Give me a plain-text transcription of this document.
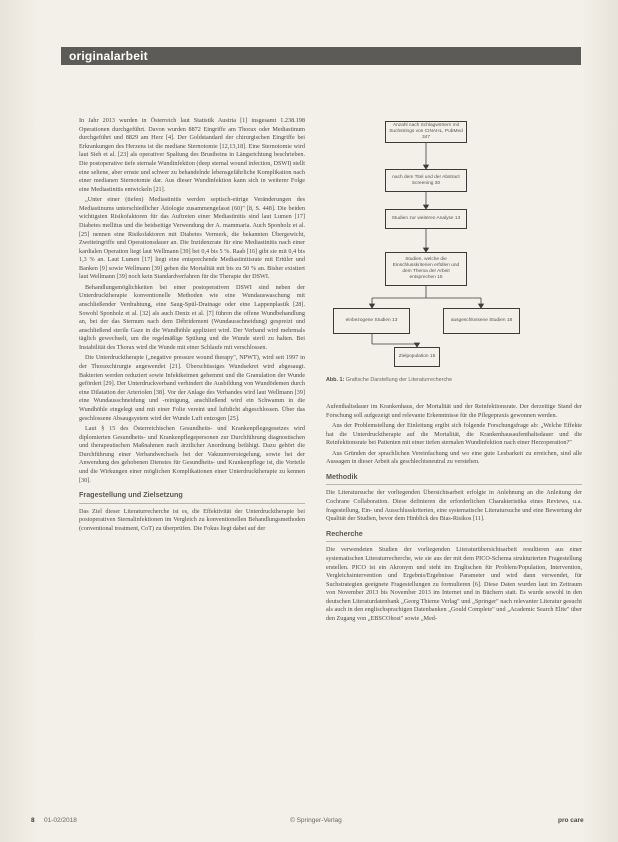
originalarbeit

In Jahr 2013 wurden in Österreich laut Statistik Austria [1] insgesamt 1.238.198 Operationen durchgeführt. Davon wurden 8872 Eingriffe am Thorax oder Mediastinum durchgeführt und 8829 am Herz [4]. Der Goldstandard der chirurgischen Eingriffe bei Erkrankungen des Herzens ist die mediane Sternotomie [12,13,18]. Eine Sternotomie wird laut Sieh et al. [23] als operativer Spaltung des Brustbeins in Längsrichtung beschrieben. Die postoperative tiefe sternale Wundinfektion (deep sternal wound infection, DSWI) stellt eine seltene, aber ernste und schwer zu behandelnde lebensgefährliche Komplikation nach einer medianen Sternotomie dar. Aus dieser Wundinfektion kann sich in weiterer Folge eine Mediastinitis entwickeln [21].

„Unter einer (tiefen) Mediastinitis werden septisch-eitrige Veränderungen des Mediastinums unterschiedlicher Ätiologie zusammengefasst (60)" [8, S. 448]. Die beiden wichtigsten Risikofaktoren für das Auftreten einer Mediastinitis sind laut Lumen [17] Diabetes mellitus und die beidseitige Verwendung der A. mammaria. Auch Sponholz et al. [25] nennen eine Risikofaktoren mit Diabetes Vermerk, die bekannten Übergewicht, Zweiteingriffe und Operationsdauer an. Die Inzidenzrate für eine Mediastinitis nach einer kardialen Operation liegt laut Wellmann [39] bei 0,4 bis 5 %. Raab [16] gibt sie mit 0,4 bis 1,3 % an. Laut Lumen [17] liegt eine entsprechende Mediastinitisrate mit Ertüler und Banken [9] sowie Wellmann [39] geben die Mortalität mit bis zu 50 % an. Bisher existiert laut Wellmann [39] noch kein Standardverfahren für die Therapie der DSWI.

Behandlungsmöglichkeiten bei einer postoperativen DSWI sind neben der Unterdrucktherapie konventionelle Methoden wie eine Wundauswaschung mit anschließender Verdrahtung, eine Saug-Spül-Drainage oder eine Lappenplastik [28]. Sowohl Sponholz et al. [32] als auch Deniz et al. [7] führen die offene Wundbehandlung an, bei der das Sternum nach dem Débridement (Wundausschneidung) gespreizt und anschließend sterile Gaze in die Wundhöhle appliziert wird. Der Verband wird mehrmals täglich gewechselt, um die regelmäßige Spülung und die Wunde steril zu halten. Bei Instabilität des Thorax wird die Wunde mit einer Schlaufe mit verschlossen.

Die Unterdrucktherapie („negative pressure wound therapy", NPWT), wird seit 1997 in der Thoraxchirurgie angewendet [21]. Überschüssiges Wundsekret wird abgesaugt. Bakterien werden reduziert sowie Infektkeimen gehemmt und die Granulation der Wunde gefördert [29]. Der Unterdruckverband verhindert die Ausbildung von Wundödemen durch eine Dilatation der Arteriolen [38]. Vor der Anlage des Verbandes wird laut Wellmann [39] eine Wundausschneidung und -reinigung, anschließend wird ein Schwamm in die Wundhöhle eingelegt und mit einer Folie vereint und luftdicht abgeschlossen. Über das geschlossene Absaugsystem wird der Wunde Luft entzogen [25].

Laut § 15 des Österreichischen Gesundheits- und Krankenpflegegesetzes wird diplomierten Gesundheits- und Krankenpflegepersonen zur Durchführung diagnostischen und therapeutischen Maßnahmen nach ärztlicher Anordnung befähigt. Dazu gehört die Durchführung einer Verbandwechsels bei der Vakuumversiegelung, sowie bei der Anwendung des gehobenen Dienstes für Gesundheits- und Krankenpflege ist, die Vorteile und die Wirkungen einer möglichen Komplikationen einer Unterdrucktherapie zu kennen [30].

Fragestellung und Zielsetzung

Das Ziel dieser Literaturrecherche ist es, die Effektivität der Unterdrucktherapie bei postoperativen Sternalinfektionen im Vergleich zu konventionellen Behandlungsmethoden (conventional treatment, CoT) zu überprüfen. Die Fokus liegt dabei auf der

Anzahl nach Schlagwörtern mit Suchstrings von CINAHL, PubMed 347
nach dem Titel und der Abstract Screening 30
Studien zur weiteren Analyse 13
Studien, welche die Einschlusskriterien erfüllen und dem Thema der Arbeit entsprechen 15
einbezogene Studien 13	ausgeschlossene Studien 18
Zielpopulation 15
Abb. 1: Grafische Darstellung der Literaturrecherche

Aufenthaltsdauer im Krankenhaus, der Mortalität und der Reinfektionsrate. Der derzeitige Stand der Forschung soll aufgezeigt und relevante Erkenntnisse für die Pflegepraxis gewonnen werden.

Aus der Problemstellung der Einleitung ergibt sich folgende Forschungsfrage ab: „Welche Effekte hat die Unterdrucktherapie auf die Mortalität, die Krankenhausaufenthaltsdauer und die Reinfektionsrate bei Patienten mit einer tiefen sternalen Wundinfektion nach einer Herzoperation?"

Aus Gründen der sprachlichen Vereinfachung und wo eine gute Lesbarkeit zu erreichen, sind alle Aussagen in dieser Arbeit als geschlechtsneutral zu verstehen.

Methodik

Die Literatursuche der vorliegenden Übersichtsarbeit erfolgte in Anlehnung an die Anleitung der Cochrane Collaboration. Diese definieren die erforderlichen Charakteristika eines Reviews, u.a. fragestellung, Ein- und Ausschlusskriterien, eine systematische Literatursuche und eine Bewertung der Qualität der Studien, bevor dem Hinblick des Bias-Risikos [11].

Recherche

Die verwendeten Studien der vorliegenden Literaturübersichtsarbeit resultieren aus einer systematischen Literaturrecherche, wie sie aus der mit dem PICO-Schema strukturierten Fragestellung erstellen. PICO ist ein Akronym und steht im Englischen für Problem/Population, Intervention, Vergleichsintervention und Ergebnis/Ergebnisse Parameter und wird dann verwendet, für Suchstrategien geeignete Fragestellungen zu formulieren [6]. Diese Daten wurden laut im Zeitraum von November 2013 bis November 2013 im Internet und in Büchern statt. Es wurde sowohl in den deutschen Literaturdatenbank „Georg Thieme Verlag" und „Springer" nach relevanter Literatur gesucht als auch in den englischsprachigen Datenbanken „Gould Complete" und „Academic Search Elite" über den Zugang von „EBSCOhost" sowie „Med-

8 01-02/2018	© Springer-Verlag	pro care
